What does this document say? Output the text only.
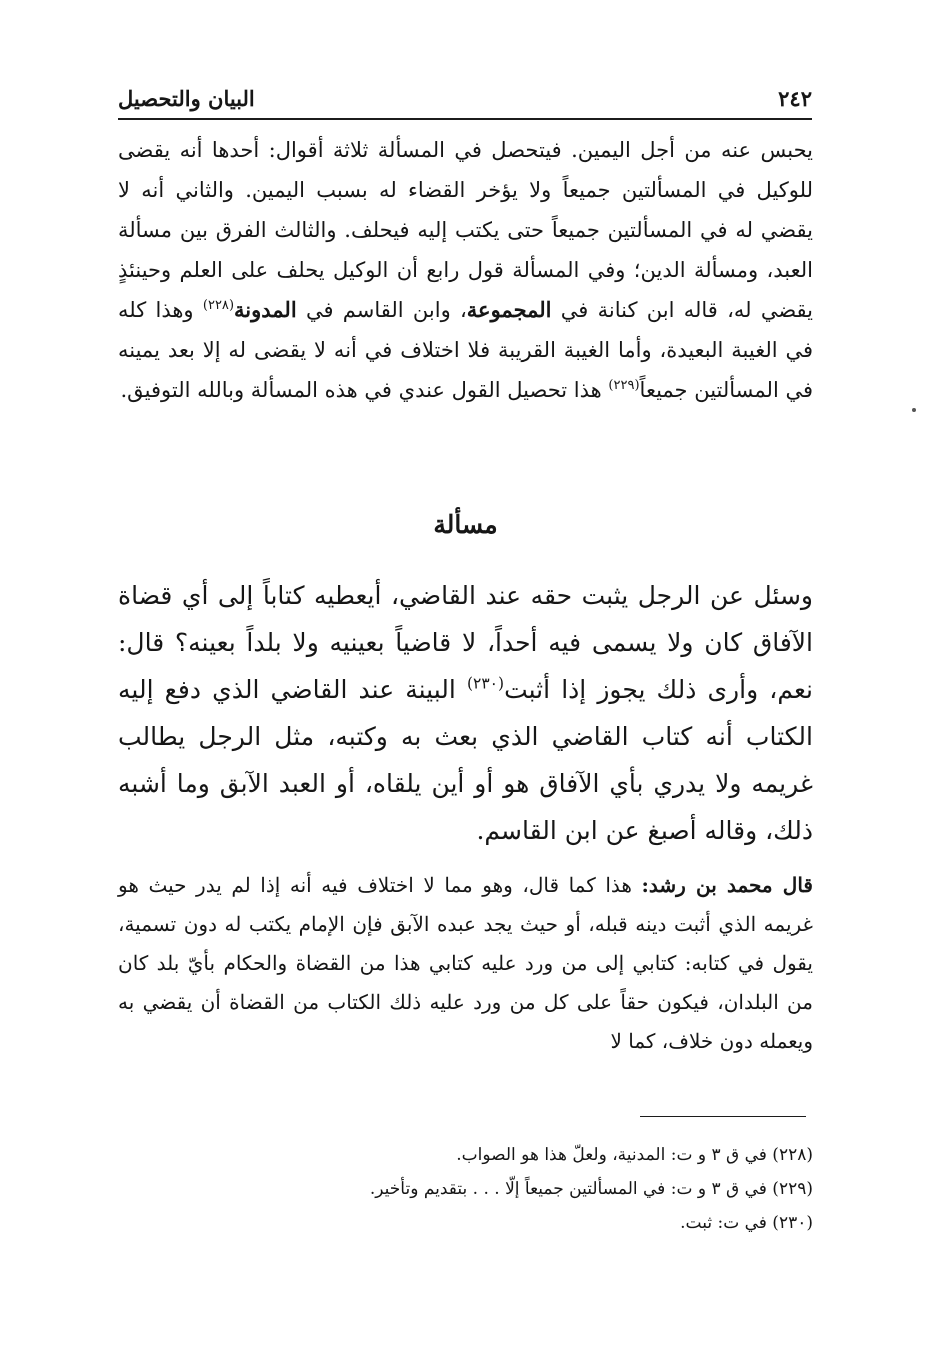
٢٤٢
البيان والتحصيل

يحبس عنه من أجل اليمين. فيتحصل في المسألة ثلاثة أقوال: أحدها أنه يقضى للوكيل في المسألتين جميعاً ولا يؤخر القضاء له بسبب اليمين. والثاني أنه لا يقضي له في المسألتين جميعاً حتى يكتب إليه فيحلف. والثالث الفرق بين مسألة العبد، ومسألة الدين؛ وفي المسألة قول رابع أن الوكيل يحلف على العلم وحينئذٍ يقضي له، قاله ابن كنانة في المجموعة، وابن القاسم في المدونة$^{(٢٢٨)}$ وهذا كله في الغيبة البعيدة، وأما الغيبة القريبة فلا اختلاف في أنه لا يقضى له إلا بعد يمينه في المسألتين جميعاً$^{(٢٢٩)}$ هذا تحصيل القول عندي في هذه المسألة وبالله التوفيق.

مسألة

وسئل عن الرجل يثبت حقه عند القاضي، أيعطيه كتاباً إلى أي قضاة الآفاق كان ولا يسمى فيه أحداً، لا قاضياً بعينيه ولا بلداً بعينه؟ قال: نعم، وأرى ذلك يجوز إذا أثبت$^{(٢٣٠)}$ البينة عند القاضي الذي دفع إليه الكتاب أنه كتاب القاضي الذي بعث به وكتبه، مثل الرجل يطالب غريمه ولا يدري بأي الآفاق هو أو أين يلقاه، أو العبد الآبق وما أشبه ذلك، وقاله أصبغ عن ابن القاسم.

قال محمد بن رشد: هذا كما قال، وهو مما لا اختلاف فيه أنه إذا لم يدر حيث هو غريمه الذي أثبت دينه قبله، أو حيث يجد عبده الآبق فإن الإمام يكتب له دون تسمية، يقول في كتابه: كتابي إلى من ورد عليه كتابي هذا من القضاة والحكام بأيّ بلد كان من البلدان، فيكون حقاً على كل من ورد عليه ذلك الكتاب من القضاة أن يقضي به ويعمله دون خلاف، كما لا

(٢٢٨) في ق ٣ و ت: المدنية، ولعلّ هذا هو الصواب.
(٢٢٩) في ق ٣ و ت: في المسألتين جميعاً إلّا . . . بتقديم وتأخير.
(٢٣٠) في ت: ثبت.
